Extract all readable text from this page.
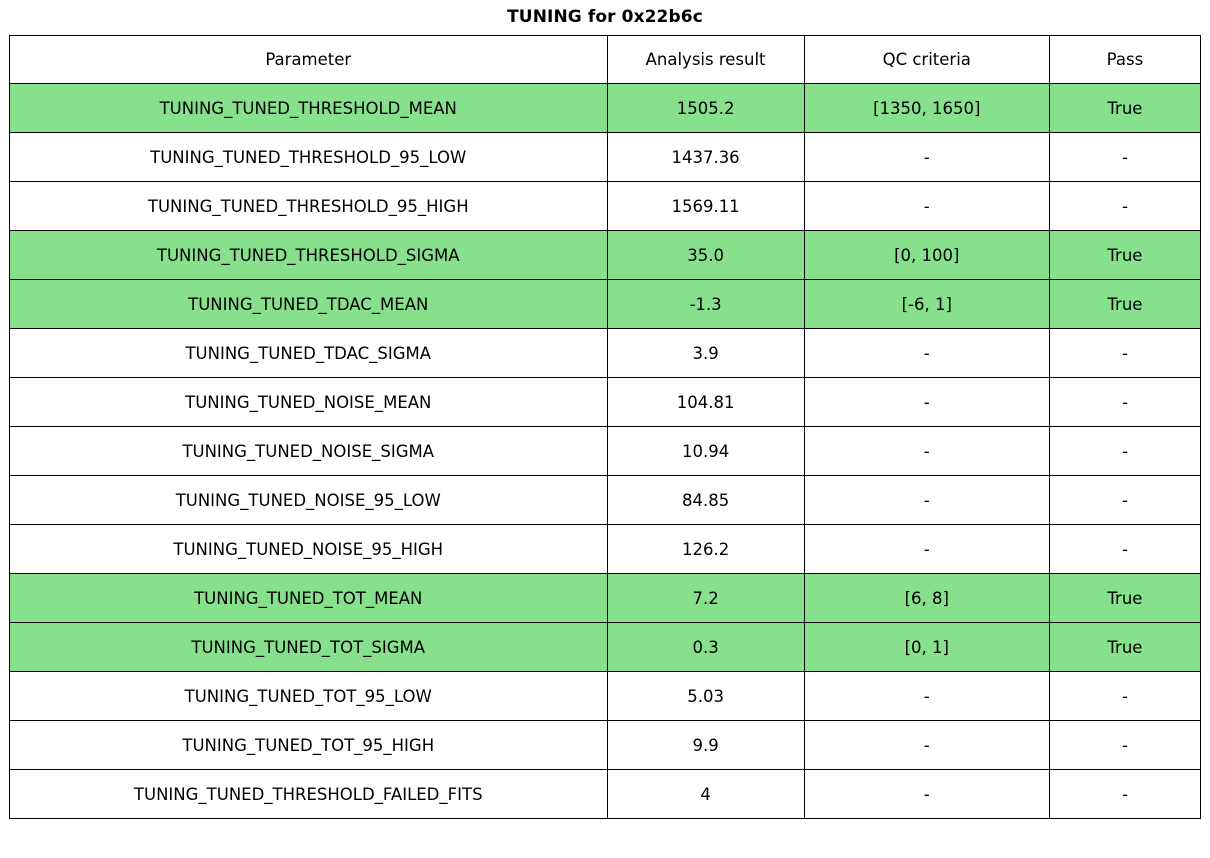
TUNING for 0x22b6c
Parameter	Analysis result	QC criteria	Pass
TUNING_TUNED_THRESHOLD_MEAN	1505.2	[1350, 1650]	True
TUNING_TUNED_THRESHOLD_95_LOW	1437.36	-	-
TUNING_TUNED_THRESHOLD_95_HIGH	1569.11	-	-
TUNING_TUNED_THRESHOLD_SIGMA	35.0	[0, 100]	True
TUNING_TUNED_TDAC_MEAN	-1.3	[-6, 1]	True
TUNING_TUNED_TDAC_SIGMA	3.9	-	-
TUNING_TUNED_NOISE_MEAN	104.81	-	-
TUNING_TUNED_NOISE_SIGMA	10.94	-	-
TUNING_TUNED_NOISE_95_LOW	84.85	-	-
TUNING_TUNED_NOISE_95_HIGH	126.2	-	-
TUNING_TUNED_TOT_MEAN	7.2	[6, 8]	True
TUNING_TUNED_TOT_SIGMA	0.3	[0, 1]	True
TUNING_TUNED_TOT_95_LOW	5.03	-	-
TUNING_TUNED_TOT_95_HIGH	9.9	-	-
TUNING_TUNED_THRESHOLD_FAILED_FITS	4	-	-
